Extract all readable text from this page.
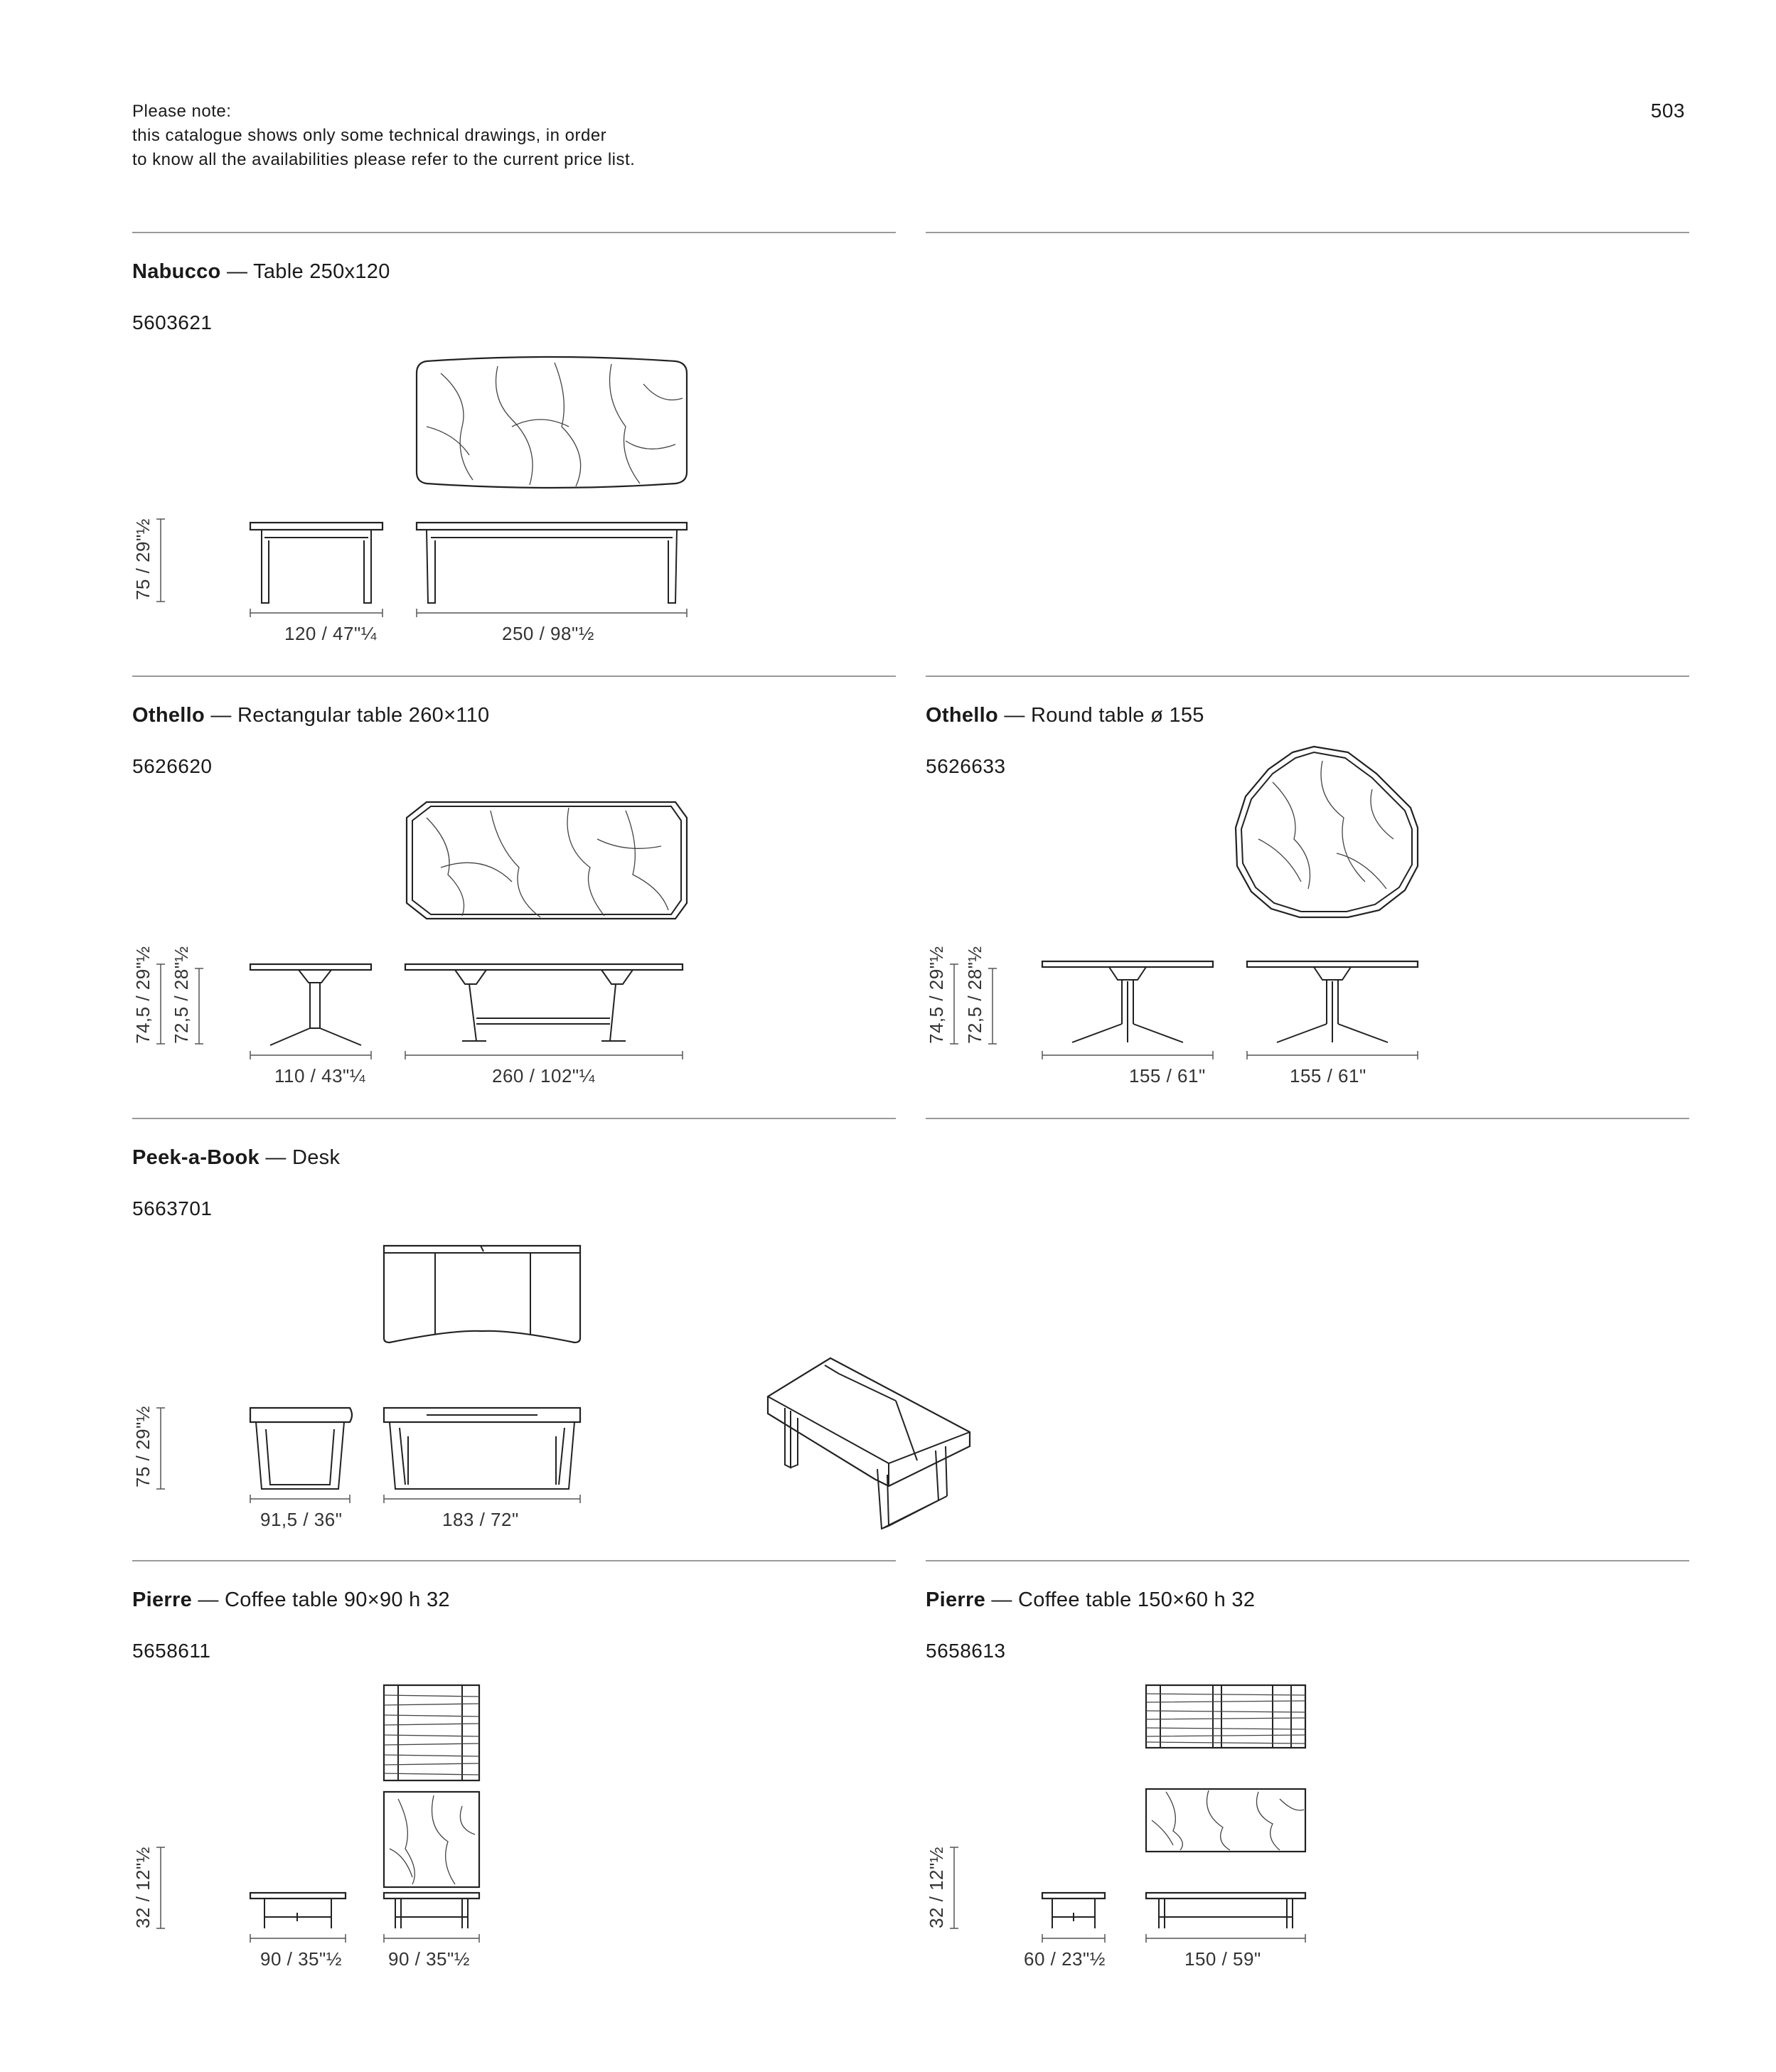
Please note:
this catalogue shows only some technical drawings, in order
to know all the availabilities please refer to the current price list.
503
Nabucco — Table 250x120
5603621
75 / 29"½
120 / 47"¼	250 / 98"½
Othello — Rectangular table 260×110
5626620
74,5 / 29"½ 72,5 / 28"½
110 / 43"¼	260 / 102"¼
Othello — Round table ø 155
5626633
74,5 / 29"½ 72,5 / 28"½
155 / 61"	155 / 61"
Peek-a-Book — Desk
5663701
75 / 29"½
91,5 / 36"	183 / 72"
Pierre — Coffee table 90×90 h 32
5658611
32 / 12"½
90 / 35"½	90 / 35"½
Pierre — Coffee table 150×60 h 32
5658613
32 / 12"½
60 / 23"½	150 / 59"
